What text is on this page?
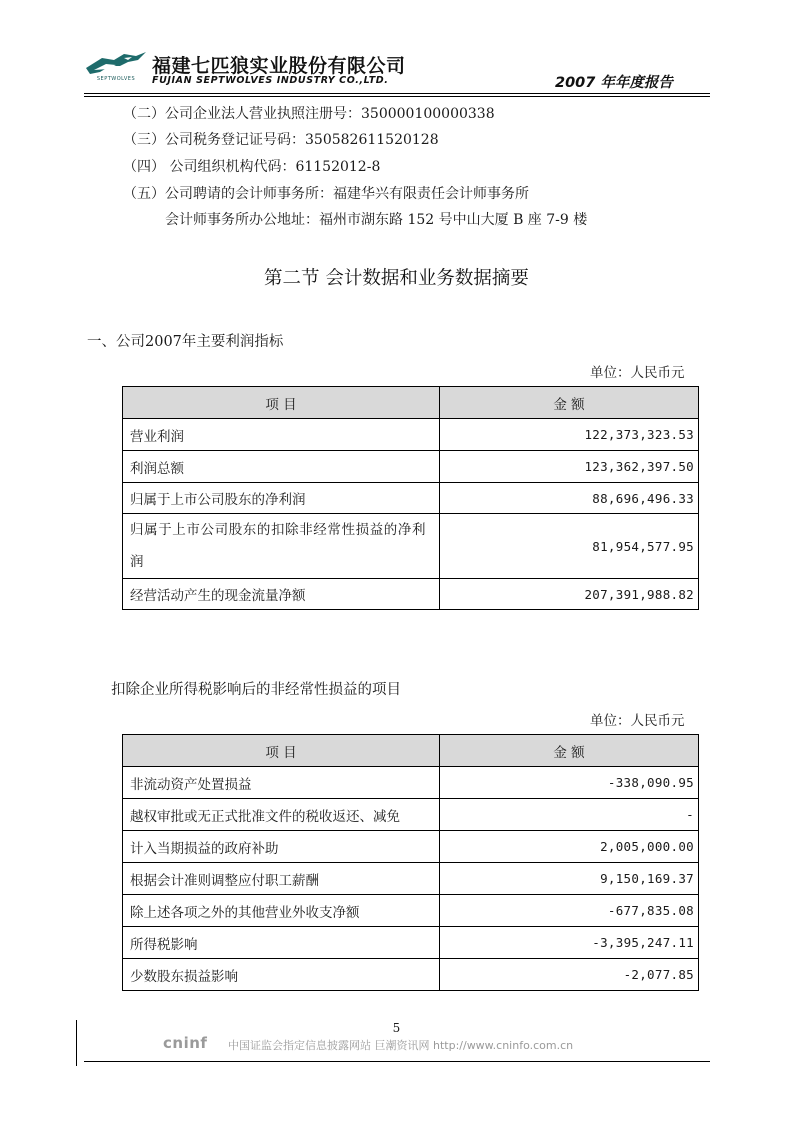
SEPTWOLVES
福建七匹狼实业股份有限公司
FUJIAN SEPTWOLVES INDUSTRY CO.,LTD.	2007 年年度报告
（二）公司企业法人营业执照注册号：350000100000338
（三）公司税务登记证号码：350582611520128
（四） 公司组织机构代码：61152012-8
（五）公司聘请的会计师事务所：福建华兴有限责任会计师事务所
会计师事务所办公地址：福州市湖东路 152 号中山大厦 B 座 7-9 楼
第二节 会计数据和业务数据摘要
一、公司2007年主要利润指标
单位：人民币元
项 目	金 额
营业利润	122,373,323.53
利润总额	123,362,397.50
归属于上市公司股东的净利润	88,696,496.33
归属于上市公司股东的扣除非经常性损益的净利润	81,954,577.95
经营活动产生的现金流量净额	207,391,988.82
扣除企业所得税影响后的非经常性损益的项目
单位：人民币元
项 目	金 额
非流动资产处置损益	-338,090.95
越权审批或无正式批准文件的税收返还、减免	-
计入当期损益的政府补助	2,005,000.00
根据会计准则调整应付职工薪酬	9,150,169.37
除上述各项之外的其他营业外收支净额	-677,835.08
所得税影响	-3,395,247.11
少数股东损益影响	-2,077.85
5
cninf 中国证监会指定信息披露网站 巨潮资讯网 http://www.cninfo.com.cn
